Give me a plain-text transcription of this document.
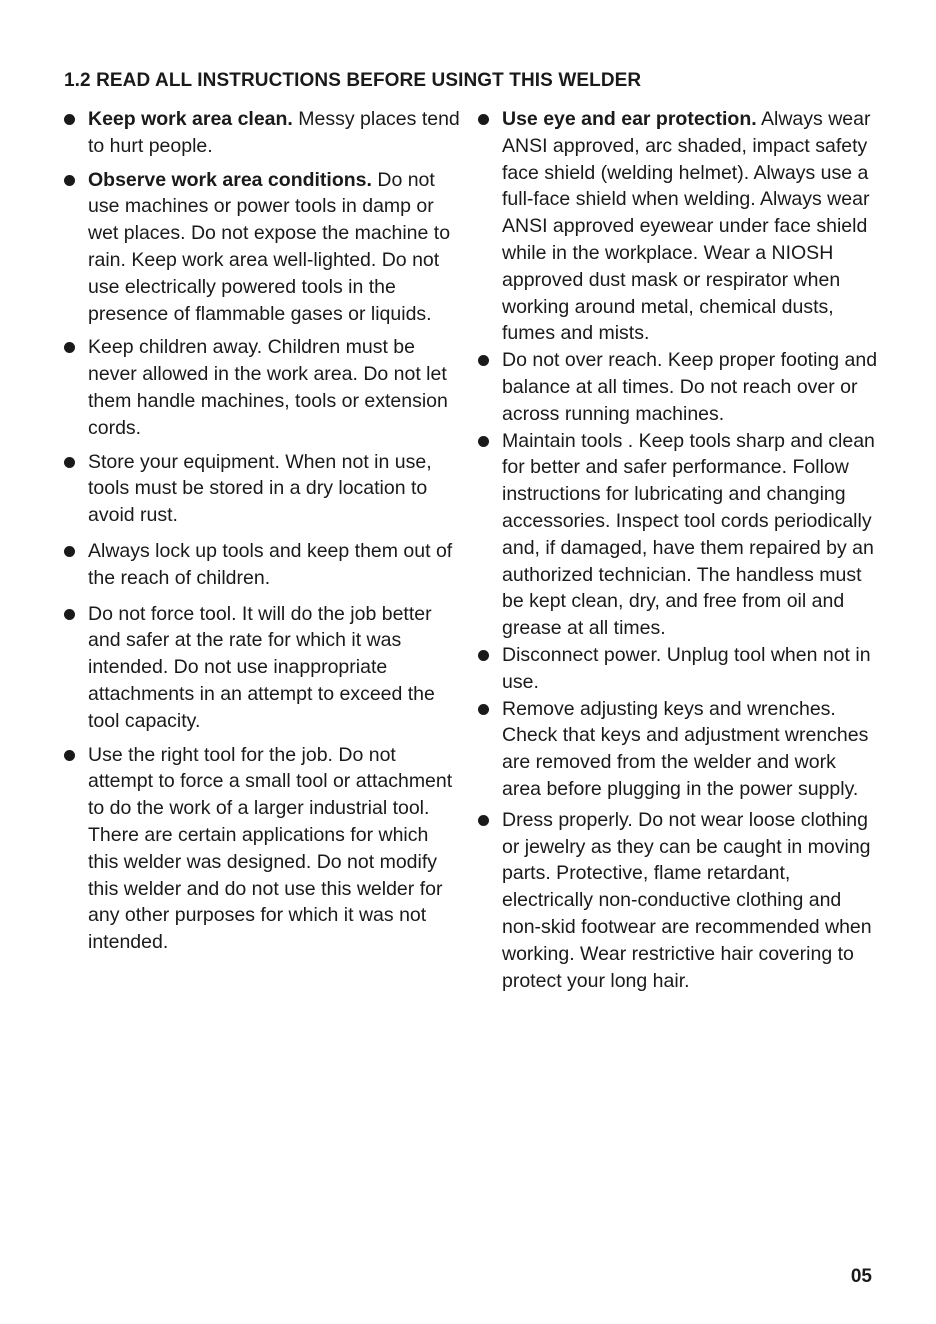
1.2 READ ALL INSTRUCTIONS BEFORE USINGT THIS WELDER
Keep work area clean. Messy places tend to hurt people.
Observe work area conditions. Do not use machines or power tools in damp or wet places. Do not expose the machine to rain. Keep work area well-lighted. Do not use electrically powered tools in the presence of flammable gases or liquids.
Keep children away. Children must be never allowed in the work area. Do not let them handle machines, tools or extension cords.
Store your equipment. When not in use, tools must be stored in a dry location to avoid rust.
Always lock up tools and keep them out of the reach of children.
Do not force tool. It will do the job better and safer at the rate for which it was intended. Do not use inappropriate attachments in an attempt to exceed the tool capacity.
Use the right tool for the job. Do not attempt to force a small tool or attachment to do the work of a larger industrial tool. There are certain applications for which this welder was designed. Do not modify this welder and do not use this welder for any other purposes for which it was not intended.
Use eye and ear protection. Always wear ANSI approved, arc shaded, impact safety face shield (welding helmet). Always use a full-face shield when welding. Always wear ANSI approved eyewear under face shield while in the workplace. Wear a NIOSH approved dust mask or respirator when working around metal, chemical dusts, fumes and mists.
Do not over reach. Keep proper footing and balance at all times. Do not reach over or across running machines.
Maintain tools . Keep tools sharp and clean for better and safer performance. Follow instructions for lubricating and changing accessories. Inspect tool cords periodically and, if damaged, have them repaired by an authorized technician. The handless must be kept clean, dry, and free from oil and grease at all times.
Disconnect power. Unplug tool when not in use.
Remove adjusting keys and wrenches. Check that keys and adjustment wrenches are removed from the welder and work area before plugging in the power supply.
Dress properly. Do not wear loose clothing or jewelry as they can be caught in moving parts. Protective, flame retardant, electrically non-conductive clothing and non-skid footwear are recommended when working. Wear restrictive hair covering to protect your long hair.
05
